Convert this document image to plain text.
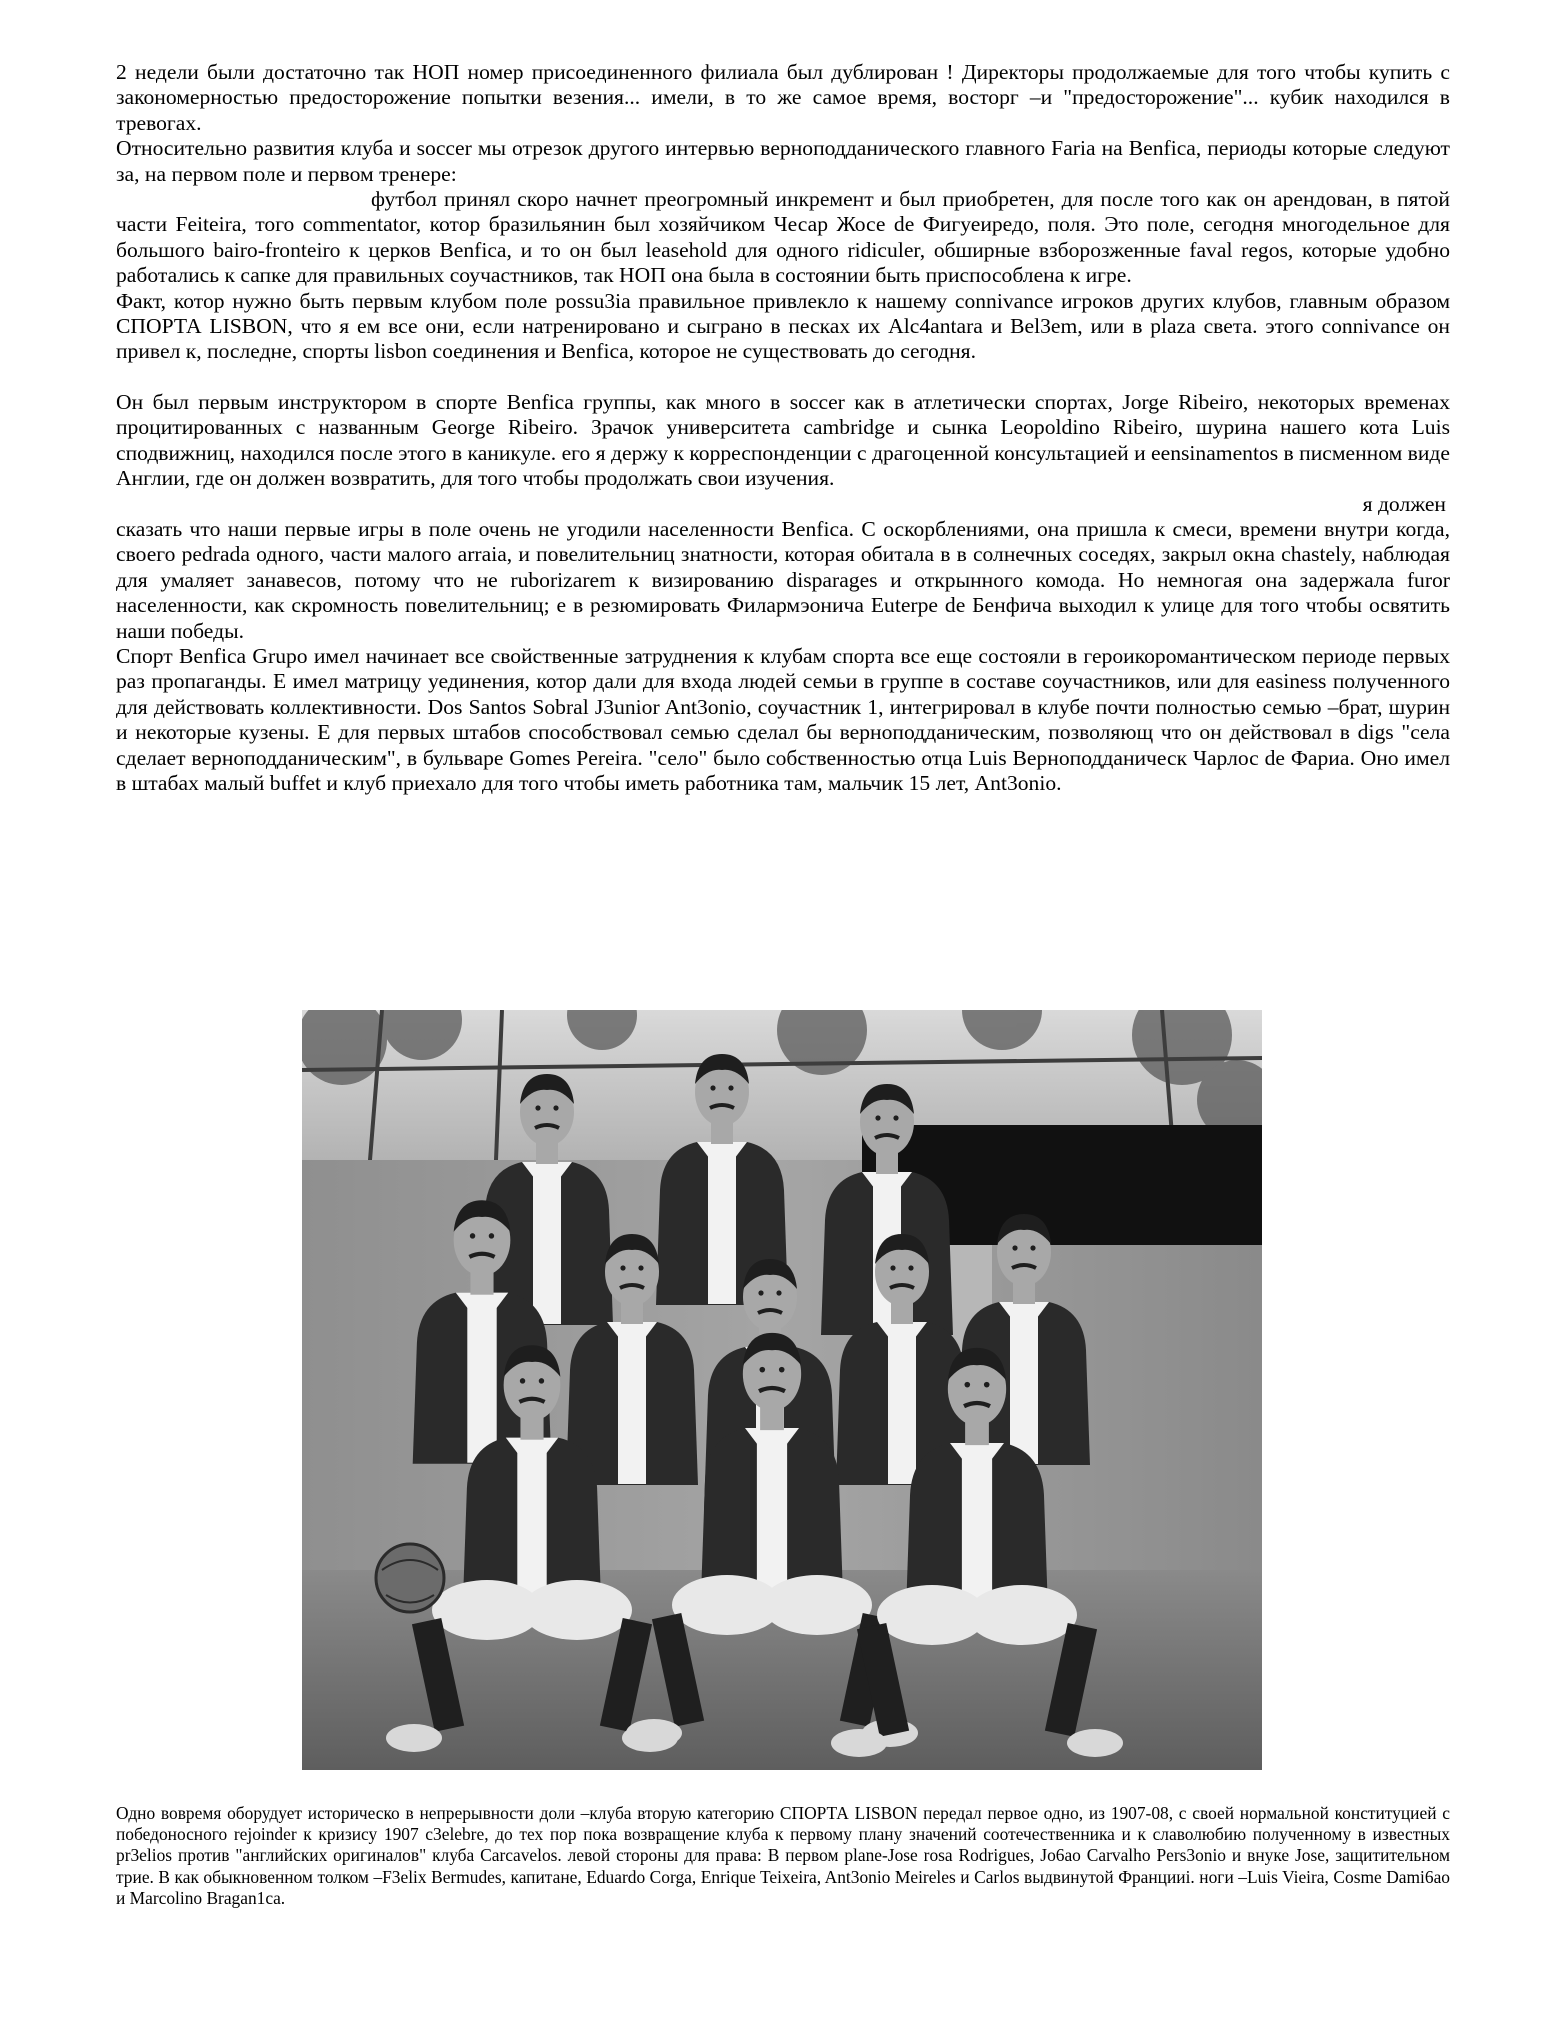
2 недели были достаточно так НОП номер присоединенного филиала был дублирован ! Директоры продолжаемые для того чтобы купить с закономерностью предосторожение попытки везения... имели, в то же самое время, восторг –и "предосторожение"... кубик находился в тревогах.

Относительно развития клуба и soccer мы отрезок другого интервью верноподданического главного Faria на Benfica, периоды которые следуют за, на первом поле и первом тренере:

футбол принял скоро начнет преогромный инкремент и был приобретен, для после того как он арендован, в пятой части Feiteira, того commentator, котор бразильянин был хозяйчиком Чесар Жосе de Фигуеиредо, поля. Это поле, сегодня многодельное для большого bairo-fronteiro к церков Benfica, и то он был leasehold для одного ridiculer, обширные взборозженные faval regos, которые удобно работались к сапке для правильных соучастников, так НОП она была в состоянии быть приспособлена к игре.

Факт, котор нужно быть первым клубом поле possu3ia правильное привлекло к нашему connivance игроков других клубов, главным образом СПОРТА LISBON, что я ем все они, если натренировано и сыграно в песках их Alc4antara и Bel3em, или в plaza света. этого connivance он привел к, последне, спорты lisbon соединения и Benfica, которое не существовать до сегодня.

Он был первым инструктором в спорте Benfica группы, как много в soccer как в атлетически спортах, Jorge Ribeiro, некоторых временах процитированных с названным George Ribeiro. Зрачок университета cambridge и сынка Leopoldino Ribeiro, шурина нашего кота Luis сподвижниц, находился после этого в каникуле. его я держу к корреспонденции с драгоценной консультацией и eensinamentos в писменном виде Англии, где он должен возвратить, для того чтобы продолжать свои изучения.

я должен

сказать что наши первые игры в поле очень не угодили населенности Benfica. С оскорблениями, она пришла к смеси, времени внутри когда, своего pedrada одного, части малого arraia, и повелительниц знатности, которая обитала в в солнечных соседях, закрыл окна chastely, наблюдая для умаляет занавесов, потому что не ruborizarem к визированию disparages и открынного комода. Но немногая она задержала furor населенности, как скромность повелительниц; е в резюмировать Филармэоничa Euterpe de Бенфича выходил к улице для того чтобы освятить наши победы.

Спорт Benfica Grupo имел начинает все свойственные затруднения к клубам спорта все еще состояли в героикоромантическом периоде первых раз пропаганды. Е имел матрицу уединения, котор дали для входа людей семьи в группе в составе соучастников, или для easiness полученного для действовать коллективности. Dos Santos Sobral J3unior Ant3onio, соучастник 1, интегрировал в клубе почти полностью семью –брат, шурин и некоторые кузены. Е для первых штабов способствовал семью сделал бы верноподданическим, позволяющ что он действовал в digs "села сделает верноподданическим", в бульваре Gomes Pereira. "село" было собственностью отца Luis Верноподданическ Чарлос de Фариа. Оно имел в штабах малый buffet и клуб приехало для того чтобы иметь работника там, мальчик 15 лет, Ant3onio.

Одно вовремя оборудует историческо в непрерывности доли –клуба вторую категорию СПОРТА LISBON передал первое одно, из 1907-08, с своей нормальной конституцией с победоносного rejoinder к кризису 1907 c3elebre, до тех пор пока возвращение клуба к первому плану значений соотечественника и к славолюбию полученному в известных pr3elios против "английских оригиналов" клуба Carcavelos. левой стороны для права: В первом plane-Jose rosa Rodrigues, Jo6ao Carvalho Pers3onio и внуке Jose, защитительном трие. В как обыкновенном толком –F3elix Bermudes, капитане, Eduardo Corga, Enrique Teixeira, Ant3onio Meireles и Carlos выдвинутой Францииi. ноги –Luis Vieira, Cosme Dami6ao и Marcolino Bragan1ca.
